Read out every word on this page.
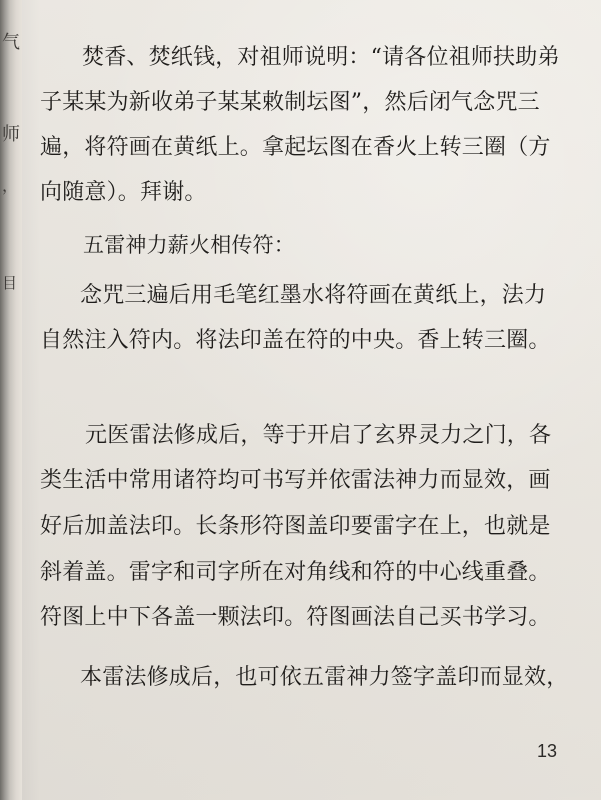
气
师
，
目

焚香、焚纸钱，对祖师说明：“请各位祖师扶助弟

子某某为新收弟子某某敕制坛图”，然后闭气念咒三

遍，将符画在黄纸上。拿起坛图在香火上转三圈（方

向随意）。拜谢。

五雷神力薪火相传符：

念咒三遍后用毛笔红墨水将符画在黄纸上，法力

自然注入符内。将法印盖在符的中央。香上转三圈。

元医雷法修成后，等于开启了玄界灵力之门，各

类生活中常用诸符均可书写并依雷法神力而显效，画

好后加盖法印。长条形符图盖印要雷字在上，也就是

斜着盖。雷字和司字所在对角线和符的中心线重叠。

符图上中下各盖一颗法印。符图画法自己买书学习。

本雷法修成后，也可依五雷神力签字盖印而显效，

13
